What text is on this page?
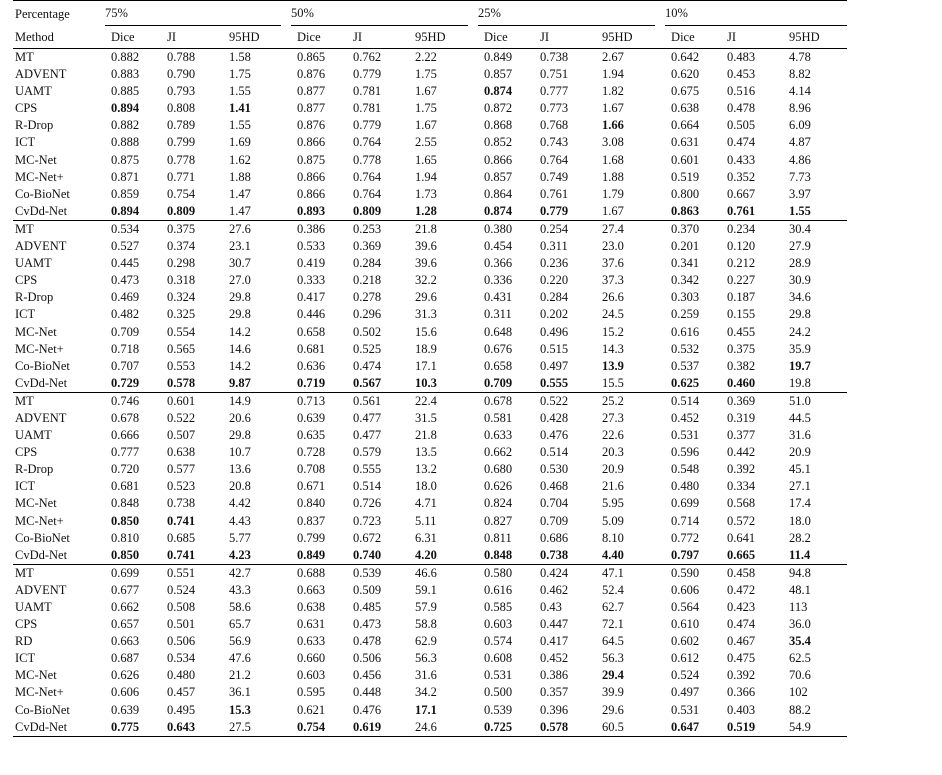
Percentage	75%			50%			25%			10%		

Method	Dice	JI	95HD	Dice	JI	95HD	Dice	JI	95HD	Dice	JI	95HD
MT	0.882	0.788	1.58	0.865	0.762	2.22	0.849	0.738	2.67	0.642	0.483	4.78
ADVENT	0.883	0.790	1.75	0.876	0.779	1.75	0.857	0.751	1.94	0.620	0.453	8.82
UAMT	0.885	0.793	1.55	0.877	0.781	1.67	0.874	0.777	1.82	0.675	0.516	4.14
CPS	0.894	0.808	1.41	0.877	0.781	1.75	0.872	0.773	1.67	0.638	0.478	8.96
R-Drop	0.882	0.789	1.55	0.876	0.779	1.67	0.868	0.768	1.66	0.664	0.505	6.09
ICT	0.888	0.799	1.69	0.866	0.764	2.55	0.852	0.743	3.08	0.631	0.474	4.87
MC-Net	0.875	0.778	1.62	0.875	0.778	1.65	0.866	0.764	1.68	0.601	0.433	4.86
MC-Net+	0.871	0.771	1.88	0.866	0.764	1.94	0.857	0.749	1.88	0.519	0.352	7.73
Co-BioNet	0.859	0.754	1.47	0.866	0.764	1.73	0.864	0.761	1.79	0.800	0.667	3.97
CvDd-Net	0.894	0.809	1.47	0.893	0.809	1.28	0.874	0.779	1.67	0.863	0.761	1.55
MT	0.534	0.375	27.6	0.386	0.253	21.8	0.380	0.254	27.4	0.370	0.234	30.4
ADVENT	0.527	0.374	23.1	0.533	0.369	39.6	0.454	0.311	23.0	0.201	0.120	27.9
UAMT	0.445	0.298	30.7	0.419	0.284	39.6	0.366	0.236	37.6	0.341	0.212	28.9
CPS	0.473	0.318	27.0	0.333	0.218	32.2	0.336	0.220	37.3	0.342	0.227	30.9
R-Drop	0.469	0.324	29.8	0.417	0.278	29.6	0.431	0.284	26.6	0.303	0.187	34.6
ICT	0.482	0.325	29.8	0.446	0.296	31.3	0.311	0.202	24.5	0.259	0.155	29.8
MC-Net	0.709	0.554	14.2	0.658	0.502	15.6	0.648	0.496	15.2	0.616	0.455	24.2
MC-Net+	0.718	0.565	14.6	0.681	0.525	18.9	0.676	0.515	14.3	0.532	0.375	35.9
Co-BioNet	0.707	0.553	14.2	0.636	0.474	17.1	0.658	0.497	13.9	0.537	0.382	19.7
CvDd-Net	0.729	0.578	9.87	0.719	0.567	10.3	0.709	0.555	15.5	0.625	0.460	19.8
MT	0.746	0.601	14.9	0.713	0.561	22.4	0.678	0.522	25.2	0.514	0.369	51.0
ADVENT	0.678	0.522	20.6	0.639	0.477	31.5	0.581	0.428	27.3	0.452	0.319	44.5
UAMT	0.666	0.507	29.8	0.635	0.477	21.8	0.633	0.476	22.6	0.531	0.377	31.6
CPS	0.777	0.638	10.7	0.728	0.579	13.5	0.662	0.514	20.3	0.596	0.442	20.9
R-Drop	0.720	0.577	13.6	0.708	0.555	13.2	0.680	0.530	20.9	0.548	0.392	45.1
ICT	0.681	0.523	20.8	0.671	0.514	18.0	0.626	0.468	21.6	0.480	0.334	27.1
MC-Net	0.848	0.738	4.42	0.840	0.726	4.71	0.824	0.704	5.95	0.699	0.568	17.4
MC-Net+	0.850	0.741	4.43	0.837	0.723	5.11	0.827	0.709	5.09	0.714	0.572	18.0
Co-BioNet	0.810	0.685	5.77	0.799	0.672	6.31	0.811	0.686	8.10	0.772	0.641	28.2
CvDd-Net	0.850	0.741	4.23	0.849	0.740	4.20	0.848	0.738	4.40	0.797	0.665	11.4
MT	0.699	0.551	42.7	0.688	0.539	46.6	0.580	0.424	47.1	0.590	0.458	94.8
ADVENT	0.677	0.524	43.3	0.663	0.509	59.1	0.616	0.462	52.4	0.606	0.472	48.1
UAMT	0.662	0.508	58.6	0.638	0.485	57.9	0.585	0.43	62.7	0.564	0.423	113
CPS	0.657	0.501	65.7	0.631	0.473	58.8	0.603	0.447	72.1	0.610	0.474	36.0
RD	0.663	0.506	56.9	0.633	0.478	62.9	0.574	0.417	64.5	0.602	0.467	35.4
ICT	0.687	0.534	47.6	0.660	0.506	56.3	0.608	0.452	56.3	0.612	0.475	62.5
MC-Net	0.626	0.480	21.2	0.603	0.456	31.6	0.531	0.386	29.4	0.524	0.392	70.6
MC-Net+	0.606	0.457	36.1	0.595	0.448	34.2	0.500	0.357	39.9	0.497	0.366	102
Co-BioNet	0.639	0.495	15.3	0.621	0.476	17.1	0.539	0.396	29.6	0.531	0.403	88.2
CvDd-Net	0.775	0.643	27.5	0.754	0.619	24.6	0.725	0.578	60.5	0.647	0.519	54.9
